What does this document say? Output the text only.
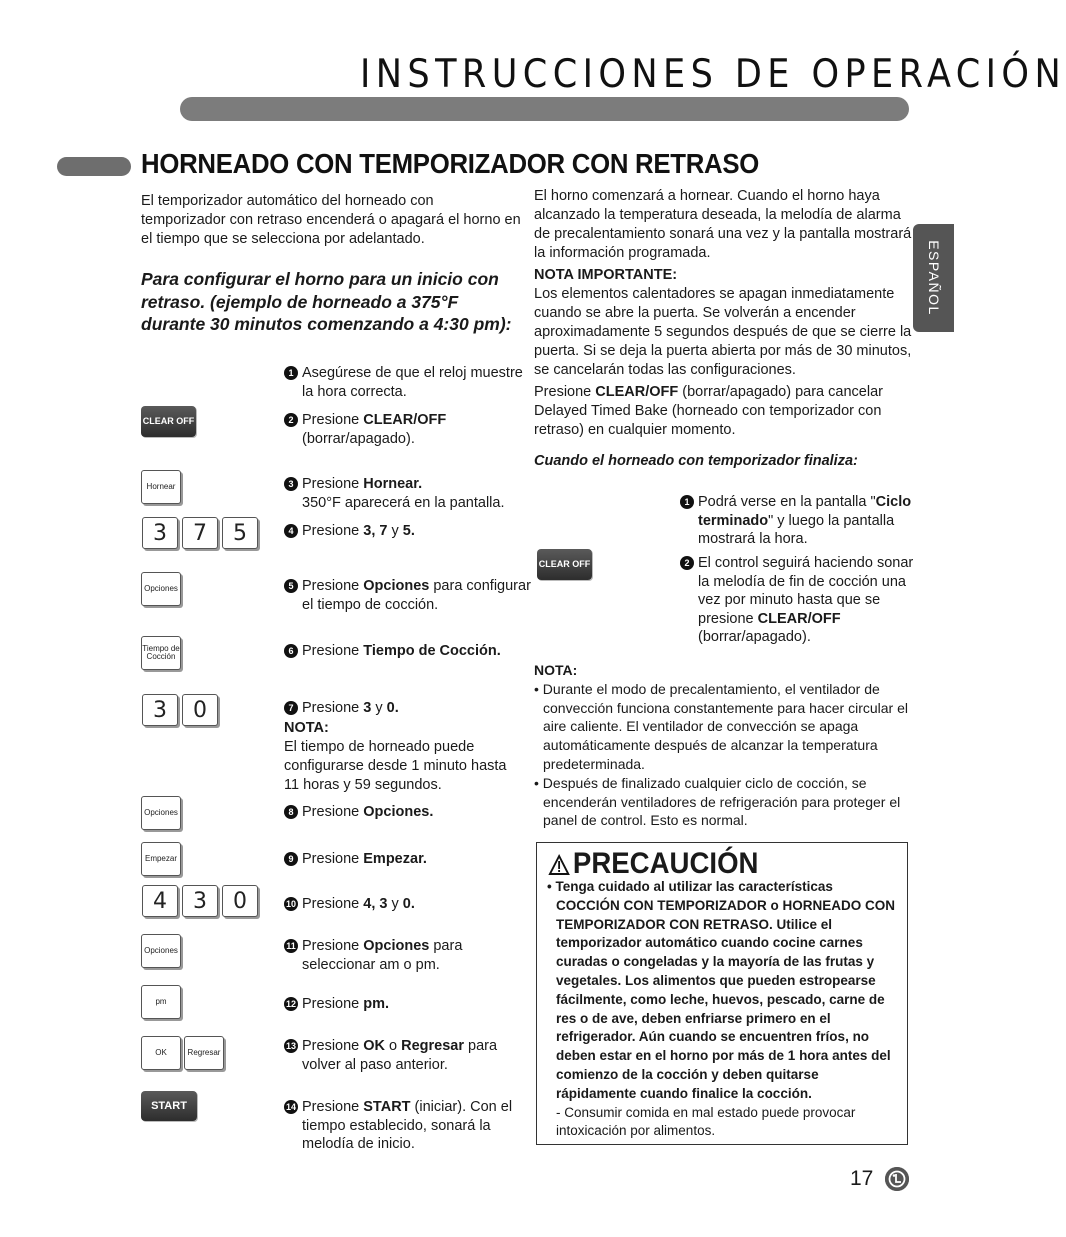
INSTRUCCIONES DE OPERACIÓN
ESPAÑOL
HORNEADO CON TEMPORIZADOR CON RETRASO
El temporizador automático del horneado con temporizador con retraso encenderá o apagará el horno en el tiempo que se selecciona por adelantado.
Para configurar el horno para un inicio con retraso. (ejemplo de horneado a 375°F durante 30 minutos comenzando a 4:30 pm):
CLEAR OFF
Hornear
3	7	5
Opciones
Tiempo de Cocción
3	0
Opciones
Empezar
4	3	0
Opciones
pm
OK	Regresar
START
1 Asegúrese de que el reloj muestre la hora correcta.
2 Presione CLEAR/OFF (borrar/apagado).
3 Presione Hornear.
350°F aparecerá en la pantalla.
4 Presione 3, 7 y 5.
5 Presione Opciones para configurar el tiempo de cocción.
6 Presione Tiempo de Cocción.
7 Presione 3 y 0.
NOTA:
El tiempo de horneado puede configurarse desde 1 minuto hasta 11 horas y 59 segundos.
8 Presione Opciones.
9 Presione Empezar.
10 Presione 4, 3 y 0.
11 Presione Opciones para seleccionar am o pm.
12 Presione pm.
13 Presione OK o Regresar para volver al paso anterior.
14 Presione START (iniciar). Con el tiempo establecido, sonará la melodía de inicio.
El horno comenzará a hornear. Cuando el horno haya alcanzado la temperatura deseada, la melodía de alarma de precalentamiento sonará una vez y la pantalla mostrará la información programada.
NOTA IMPORTANTE:
Los elementos calentadores se apagan inmediatamente cuando se abre la puerta. Se volverán a encender aproximadamente 5 segundos después de que se cierre la puerta. Si se deja la puerta abierta por más de 30 minutos, se cancelarán todas las configuraciones.
Presione CLEAR/OFF (borrar/apagado) para cancelar Delayed Timed Bake (horneado con temporizador con retraso) en cualquier momento.
Cuando el horneado con temporizador finaliza:
CLEAR OFF
1 Podrá verse en la pantalla "Ciclo terminado" y luego la pantalla mostrará la hora.
2 El control seguirá haciendo sonar la melodía de fin de cocción una vez por minuto hasta que se presione CLEAR/OFF (borrar/apagado).
NOTA:
• Durante el modo de precalentamiento, el ventilador de convección funciona constantemente para hacer circular el aire caliente. El ventilador de convección se apaga automáticamente después de alcanzar la temperatura predeterminada.
• Después de finalizado cualquier ciclo de cocción, se encenderán ventiladores de refrigeración para proteger el panel de control. Esto es normal.
PRECAUCIÓN
• Tenga cuidado al utilizar las características COCCIÓN CON TEMPORIZADOR o HORNEADO CON TEMPORIZADOR CON RETRASO. Utilice el temporizador automático cuando cocine carnes curadas o congeladas y la mayoría de las frutas y vegetales. Los alimentos que pueden estropearse fácilmente, como leche, huevos, pescado, carne de res o de ave, deben enfriarse primero en el refrigerador. Aún cuando se encuentren fríos, no deben estar en el horno por más de 1 hora antes del comienzo de la cocción y deben quitarse rápidamente cuando finalice la cocción.
- Consumir comida en mal estado puede provocar intoxicación por alimentos.
17
